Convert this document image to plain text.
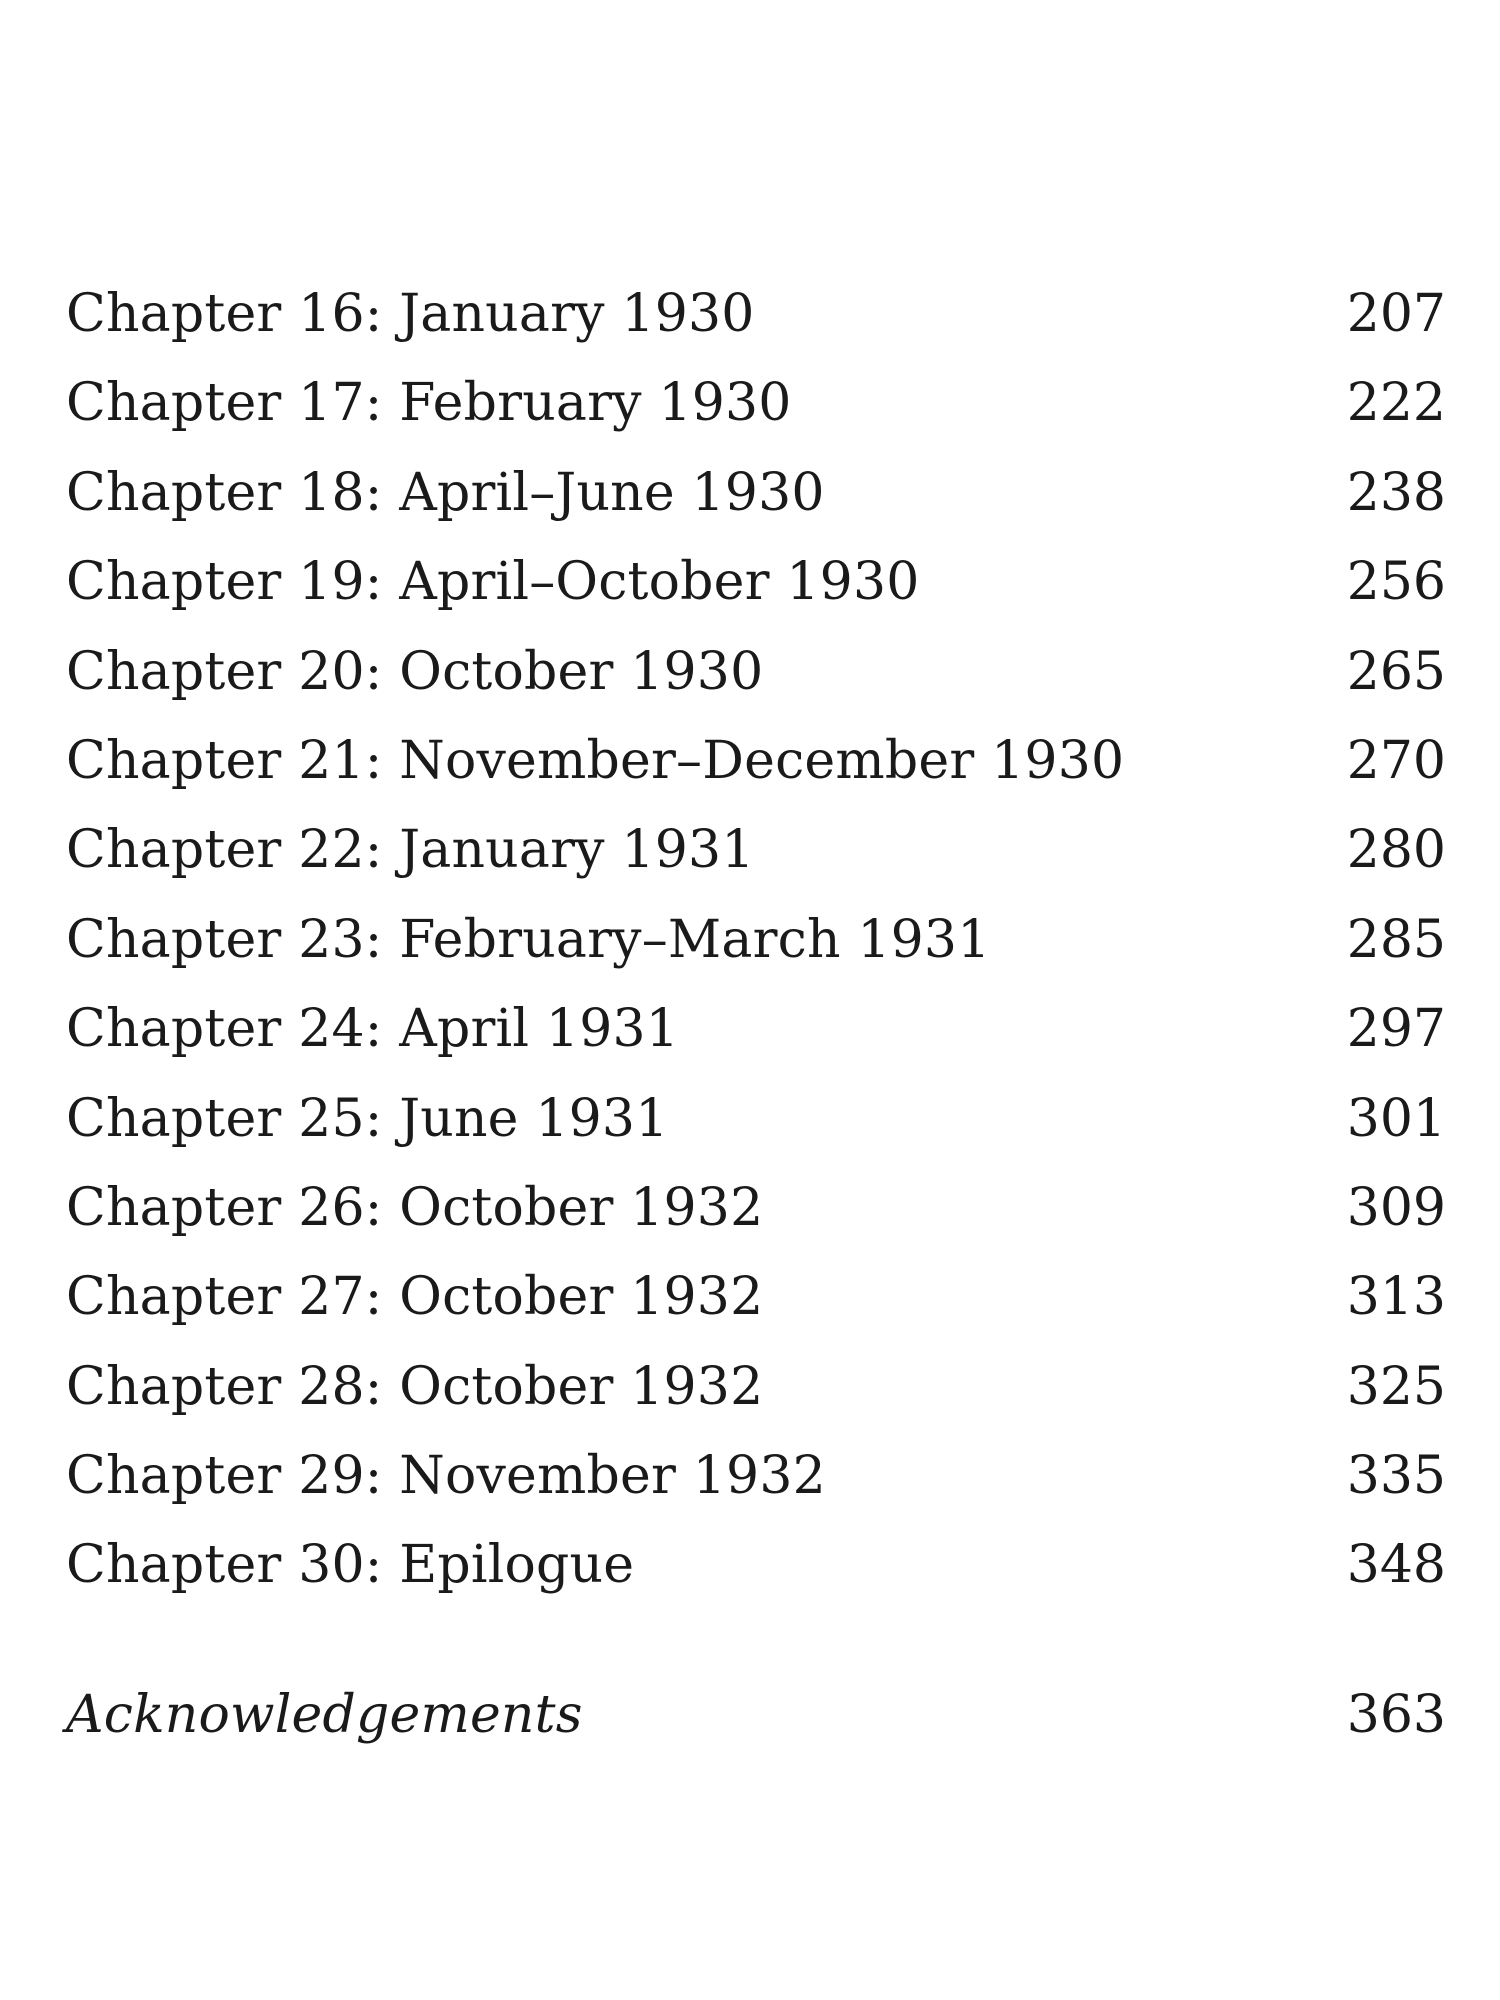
Chapter 16: January 1930	207
Chapter 17: February 1930	222
Chapter 18: April–June 1930	238
Chapter 19: April–October 1930	256
Chapter 20: October 1930	265
Chapter 21: November–December 1930	270
Chapter 22: January 1931	280
Chapter 23: February–March 1931	285
Chapter 24: April 1931	297
Chapter 25: June 1931	301
Chapter 26: October 1932	309
Chapter 27: October 1932	313
Chapter 28: October 1932	325
Chapter 29: November 1932	335
Chapter 30: Epilogue	348
Acknowledgements	363
